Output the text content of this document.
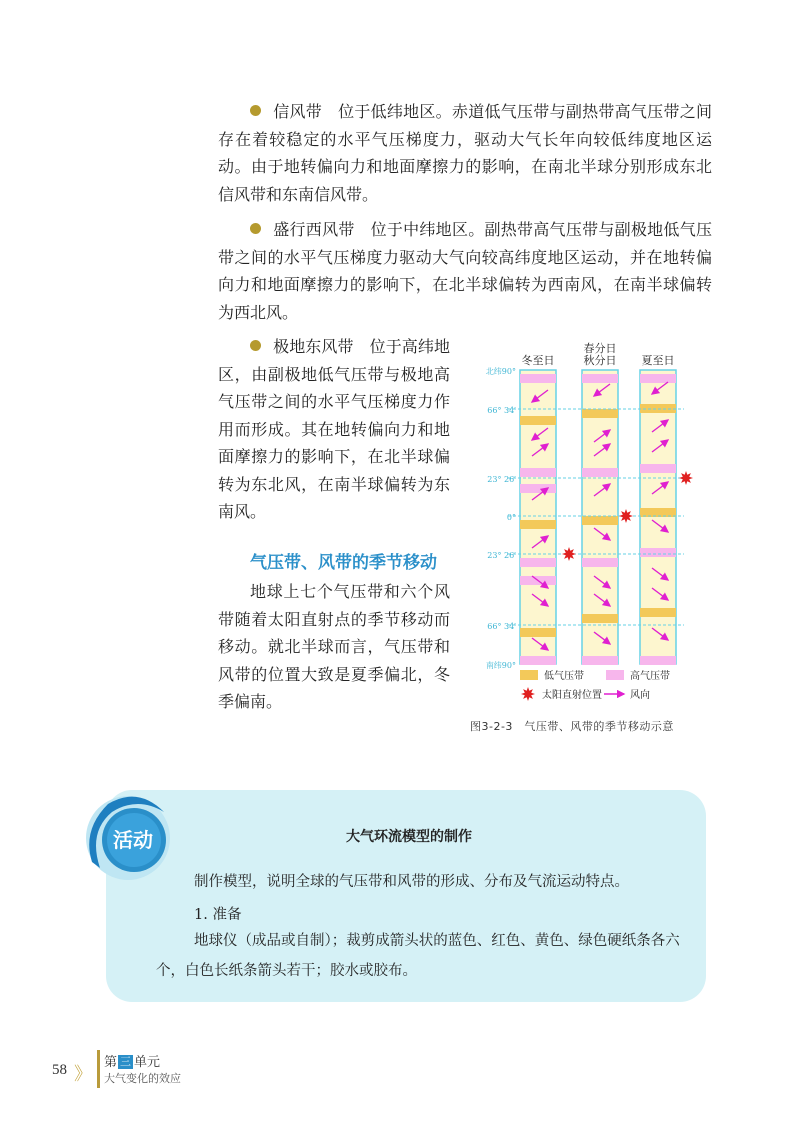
信风带 位于低纬地区。赤道低气压带与副热带高气压带之间存在着较稳定的水平气压梯度力，驱动大气长年向较低纬度地区运动。由于地转偏向力和地面摩擦力的影响，在南北半球分别形成东北信风带和东南信风带。

盛行西风带 位于中纬地区。副热带高气压带与副极地低气压带之间的水平气压梯度力驱动大气向较高纬度地区运动，并在地转偏向力和地面摩擦力的影响下，在北半球偏转为西南风，在南半球偏转为西北风。

极地东风带 位于高纬地区，由副极地低气压带与极地高气压带之间的水平气压梯度力作用而形成。其在地转偏向力和地面摩擦力的影响下，在北半球偏转为东北风，在南半球偏转为东南风。

气压带、风带的季节移动

地球上七个气压带和六个风带随着太阳直射点的季节移动而移动。就北半球而言，气压带和风带的位置大致是夏季偏北，冬季偏南。

冬至日
春分日
秋分日 夏至日
北纬90°
66° 34′
23° 26′
0°
23° 26′
66° 34′
南纬90°
低气压带	高气压带
太阳直射位置	风向
图3-2-3　气压带、风带的季节移动示意
活动	大气环流模型的制作

制作模型，说明全球的气压带和风带的形成、分布及气流运动特点。

1. 准备

地球仪（成品或自制）；裁剪成箭头状的蓝色、红色、黄色、绿色硬纸条各六个，白色长纸条箭头若干；胶水或胶布。

58 》
第 三 单元
大气变化的效应
